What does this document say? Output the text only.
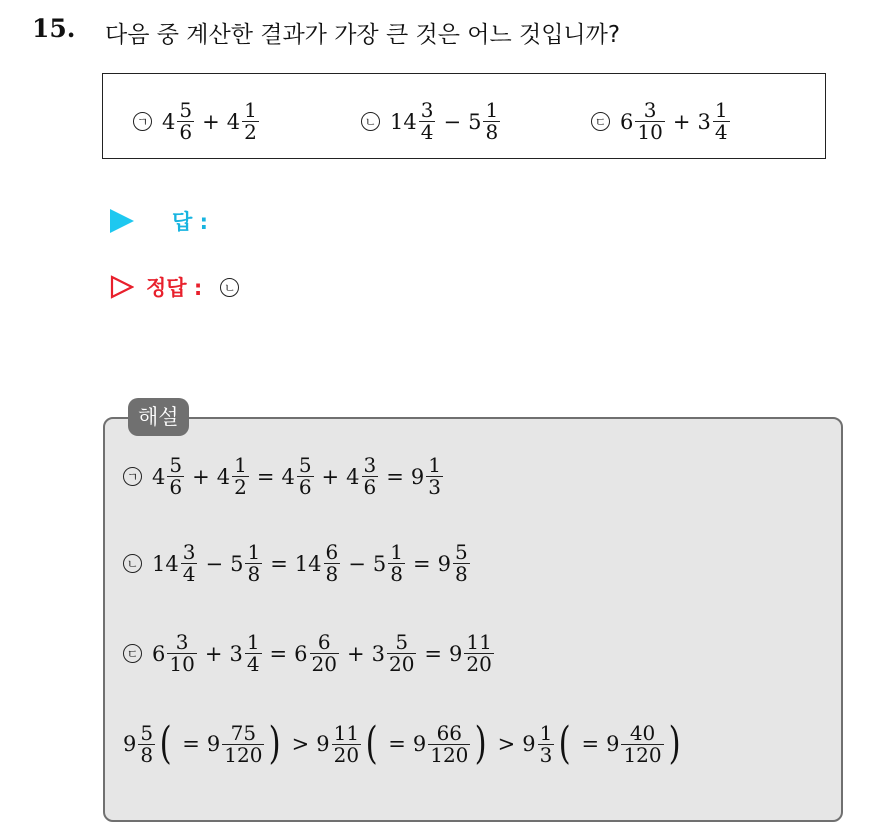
15. 다음 중 계산한 결과가 가장 큰 것은 어느 것입니까?
ㄱ $4 \frac{5}{6} + 4 \frac{1}{2}$	ㄴ $14 \frac{3}{4} - 5 \frac{1}{8}$	ㄷ $6 \frac{3}{10} + 3 \frac{1}{4}$
답 :
정답 :	ㄴ
해설
ㄱ $4 \frac{5}{6} + 4 \frac{1}{2} = 4 \frac{5}{6} + 4 \frac{3}{6} = 9 \frac{1}{3}$
ㄴ $14 \frac{3}{4} - 5 \frac{1}{8} = 14 \frac{6}{8} - 5 \frac{1}{8} = 9 \frac{5}{8}$
ㄷ $6 \frac{3}{10} + 3 \frac{1}{4} = 6 \frac{6}{20} + 3 \frac{5}{20} = 9 \frac{11}{20}$
$9 \frac{5}{8}$ ( = $9 \frac{75}{120}$ ) > $9 \frac{11}{20}$ ( = $9 \frac{66}{120}$ ) > $9 \frac{1}{3}$ ( = $9 \frac{40}{120}$ )
